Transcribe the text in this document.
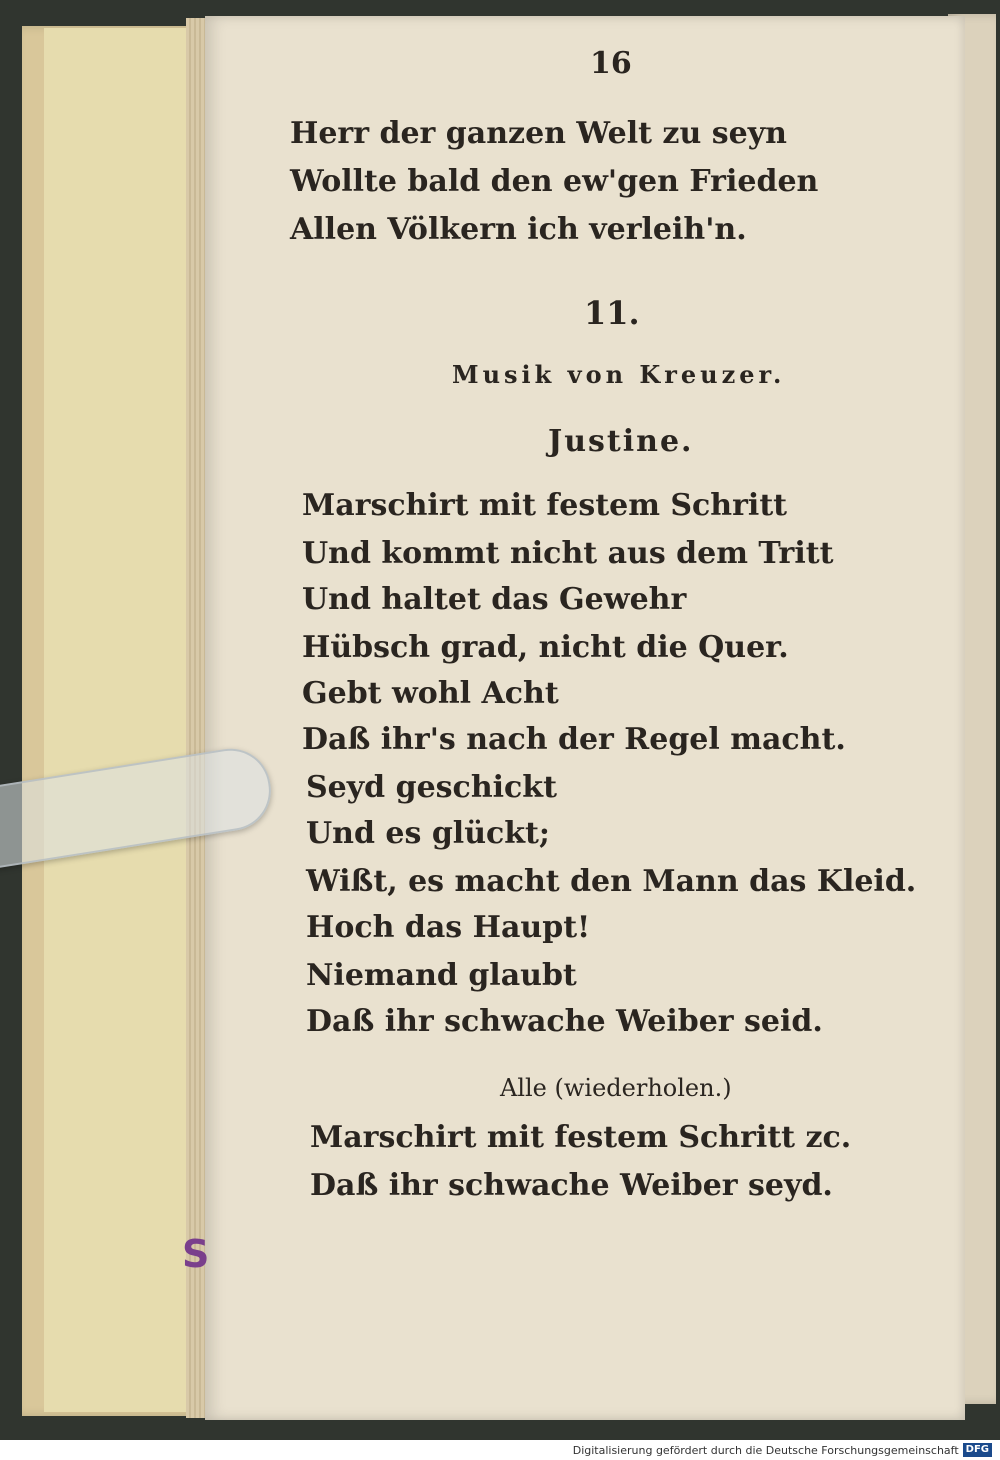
S
16
Herr der ganzen Welt zu seyn
Wollte bald den ew'gen Frieden
Allen Völkern ich verleih'n.
11.
Musik von Kreuzer.
Justine.
Marschirt mit festem Schritt
Und kommt nicht aus dem Tritt
Und haltet das Gewehr
Hübsch grad, nicht die Quer.
Gebt wohl Acht
Daß ihr's nach der Regel macht.
Seyd geschickt
Und es glückt;
Wißt, es macht den Mann das Kleid.
Hoch das Haupt!
Niemand glaubt
Daß ihr schwache Weiber seid.
Alle (wiederholen.)
Marschirt mit festem Schritt zc.
Daß ihr schwache Weiber seyd.
Digitalisierung gefördert durch die Deutsche Forschungsgemeinschaft DFG
